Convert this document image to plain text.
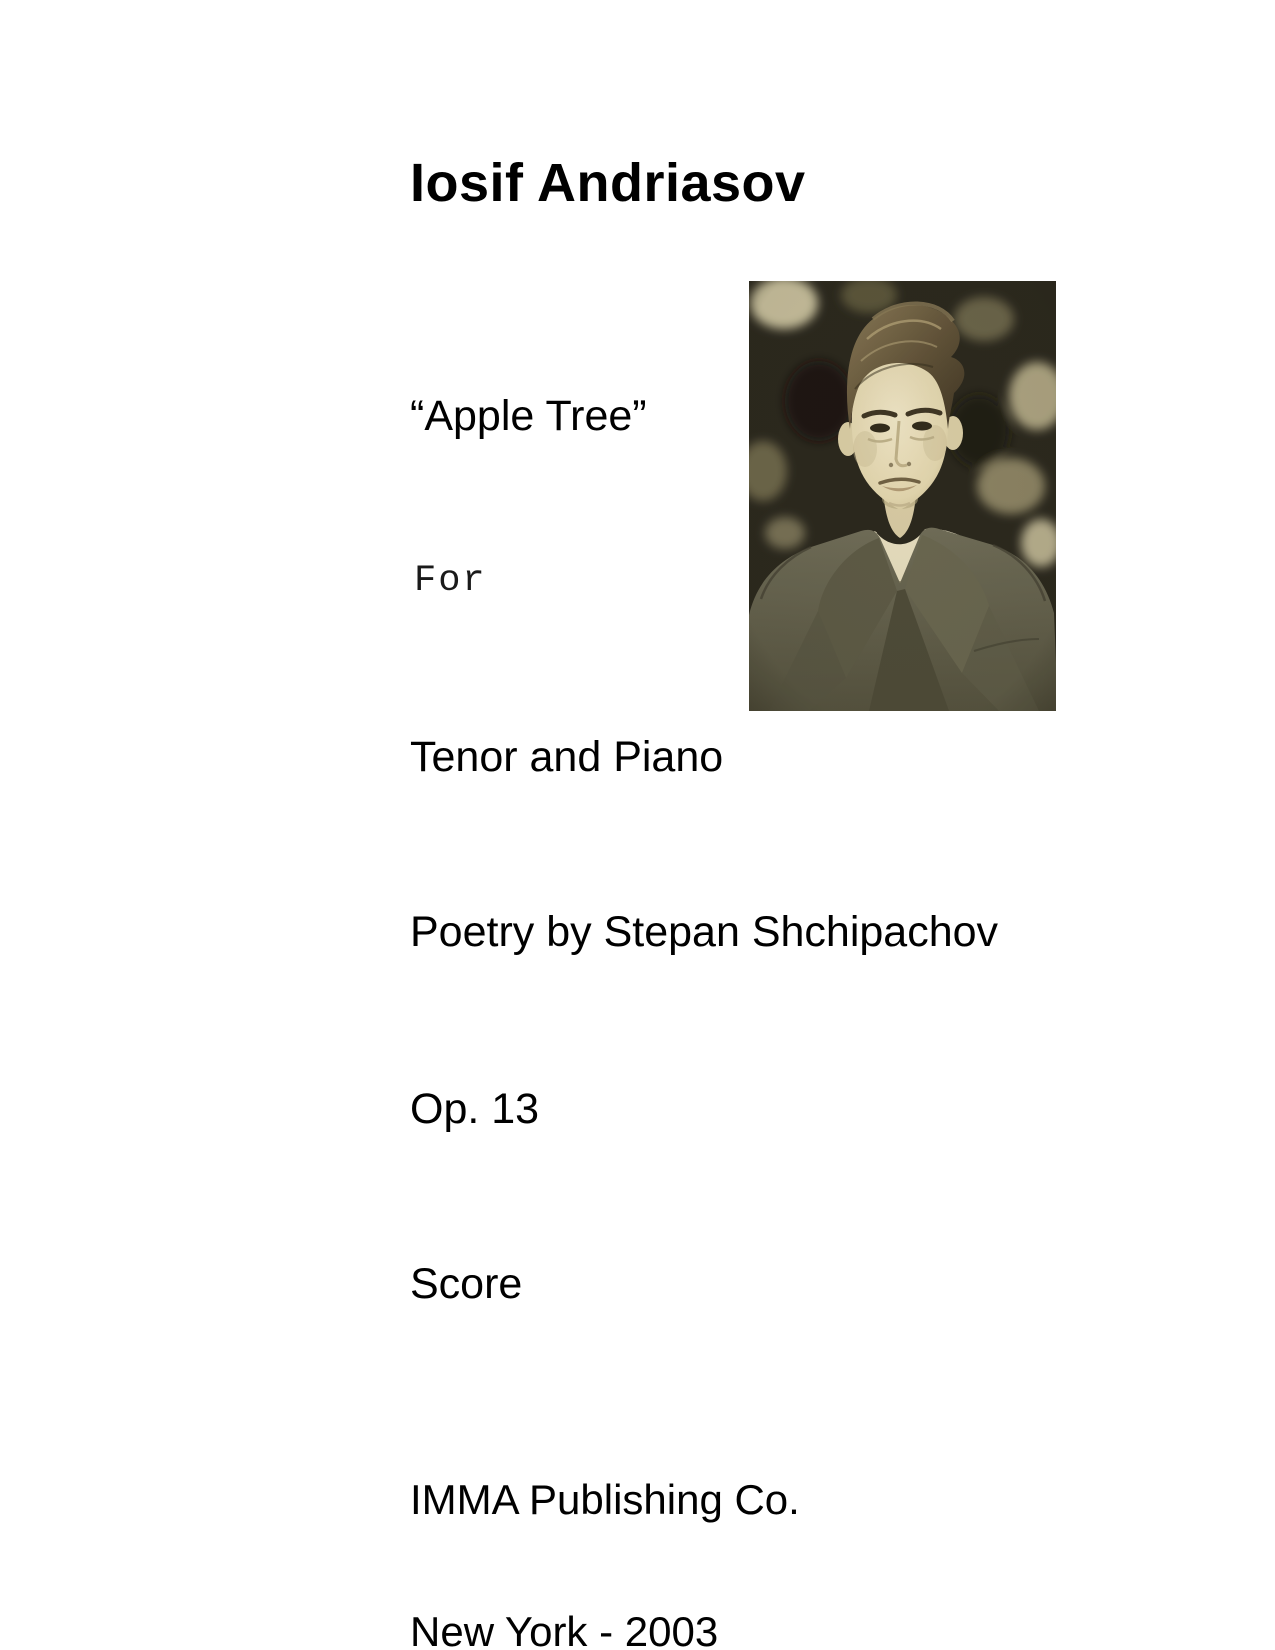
Iosif Andriasov
“Apple Tree”
For
Tenor and Piano
Poetry by Stepan Shchipachov
Op. 13
Score

IMMA Publishing Co.

New York - 2003
